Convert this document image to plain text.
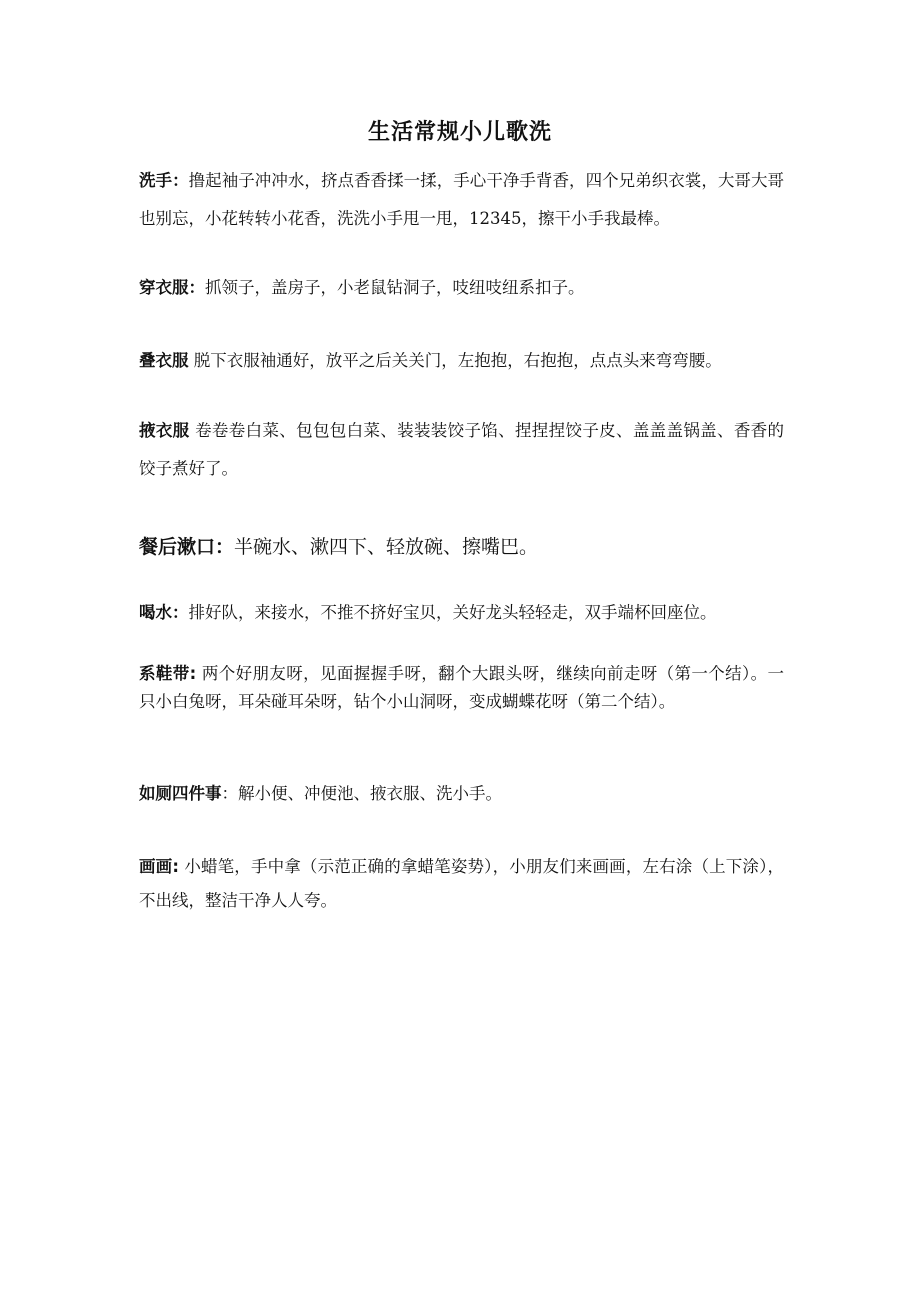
生活常规小儿歌洗

洗手：撸起袖子冲冲水，挤点香香揉一揉，手心干净手背香，四个兄弟织衣裳，大哥大哥也别忘，小花转转小花香，洗洗小手甩一甩，12345，擦干小手我最棒。

穿衣服：抓领子，盖房子，小老鼠钻洞子，吱纽吱纽系扣子。

叠衣服 脱下衣服袖通好，放平之后关关门，左抱抱，右抱抱，点点头来弯弯腰。

掖衣服 卷卷卷白菜、包包包白菜、装装装饺子馅、捏捏捏饺子皮、盖盖盖锅盖、香香的饺子煮好了。

餐后漱口：半碗水、漱四下、轻放碗、擦嘴巴。

喝水：排好队，来接水，不推不挤好宝贝，关好龙头轻轻走，双手端杯回座位。

系鞋带: 两个好朋友呀，见面握握手呀，翻个大跟头呀，继续向前走呀（第一个结）。一只小白兔呀，耳朵碰耳朵呀，钻个小山洞呀，变成蝴蝶花呀（第二个结）。

如厕四件事：解小便、冲便池、掖衣服、洗小手。

画画: 小蜡笔，手中拿（示范正确的拿蜡笔姿势），小朋友们来画画，左右涂（上下涂），不出线，整洁干净人人夸。
